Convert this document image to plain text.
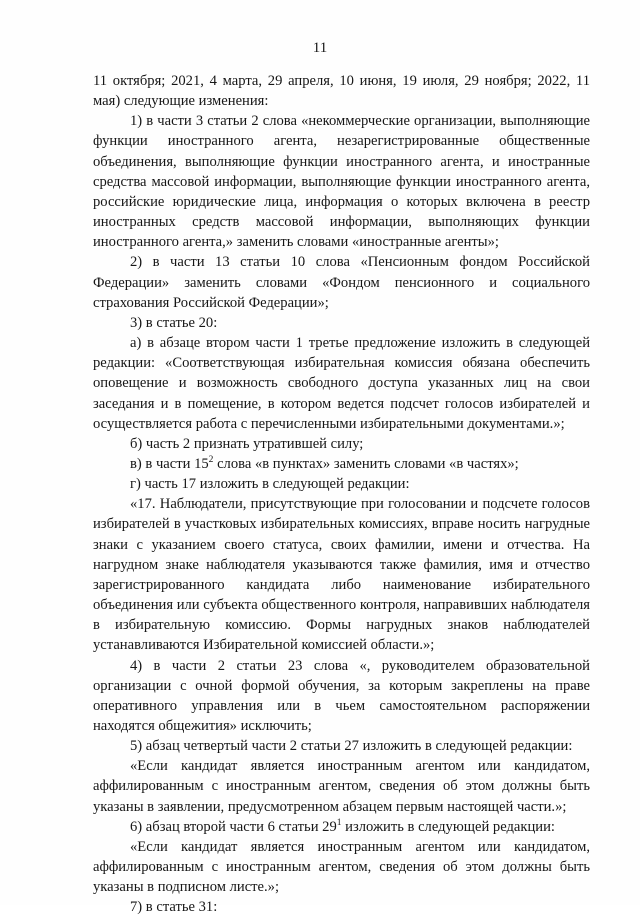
11

11 октября; 2021, 4 марта, 29 апреля, 10 июня, 19 июля, 29 ноября; 2022, 11 мая) следующие изменения:

1) в части 3 статьи 2 слова «некоммерческие организации, выполняющие функции иностранного агента, незарегистрированные общественные объединения, выполняющие функции иностранного агента, и иностранные средства массовой информации, выполняющие функции иностранного агента, российские юридические лица, информация о которых включена в реестр иностранных средств массовой информации, выполняющих функции иностранного агента,» заменить словами «иностранные агенты»;

2) в части 13 статьи 10 слова «Пенсионным фондом Российской Федерации» заменить словами «Фондом пенсионного и социального страхования Российской Федерации»;

3) в статье 20:

а) в абзаце втором части 1 третье предложение изложить в следующей редакции: «Соответствующая избирательная комиссия обязана обеспечить оповещение и возможность свободного доступа указанных лиц на свои заседания и в помещение, в котором ведется подсчет голосов избирателей и осуществляется работа с перечисленными избирательными документами.»;

б) часть 2 признать утратившей силу;

в) в части $15^2$ слова «в пунктах» заменить словами «в частях»;

г) часть 17 изложить в следующей редакции:

«17. Наблюдатели, присутствующие при голосовании и подсчете голосов избирателей в участковых избирательных комиссиях, вправе носить нагрудные знаки с указанием своего статуса, своих фамилии, имени и отчества. На нагрудном знаке наблюдателя указываются также фамилия, имя и отчество зарегистрированного кандидата либо наименование избирательного объединения или субъекта общественного контроля, направивших наблюдателя в избирательную комиссию. Формы нагрудных знаков наблюдателей устанавливаются Избирательной комиссией области.»;

4) в части 2 статьи 23 слова «, руководителем образовательной организации с очной формой обучения, за которым закреплены на праве оперативного управления или в чьем самостоятельном распоряжении находятся общежития» исключить;

5) абзац четвертый части 2 статьи 27 изложить в следующей редакции:

«Если кандидат является иностранным агентом или кандидатом, аффилированным с иностранным агентом, сведения об этом должны быть указаны в заявлении, предусмотренном абзацем первым настоящей части.»;

6) абзац второй части 6 статьи $29^1$ изложить в следующей редакции:

«Если кандидат является иностранным агентом или кандидатом, аффилированным с иностранным агентом, сведения об этом должны быть указаны в подписном листе.»;

7) в статье 31:
